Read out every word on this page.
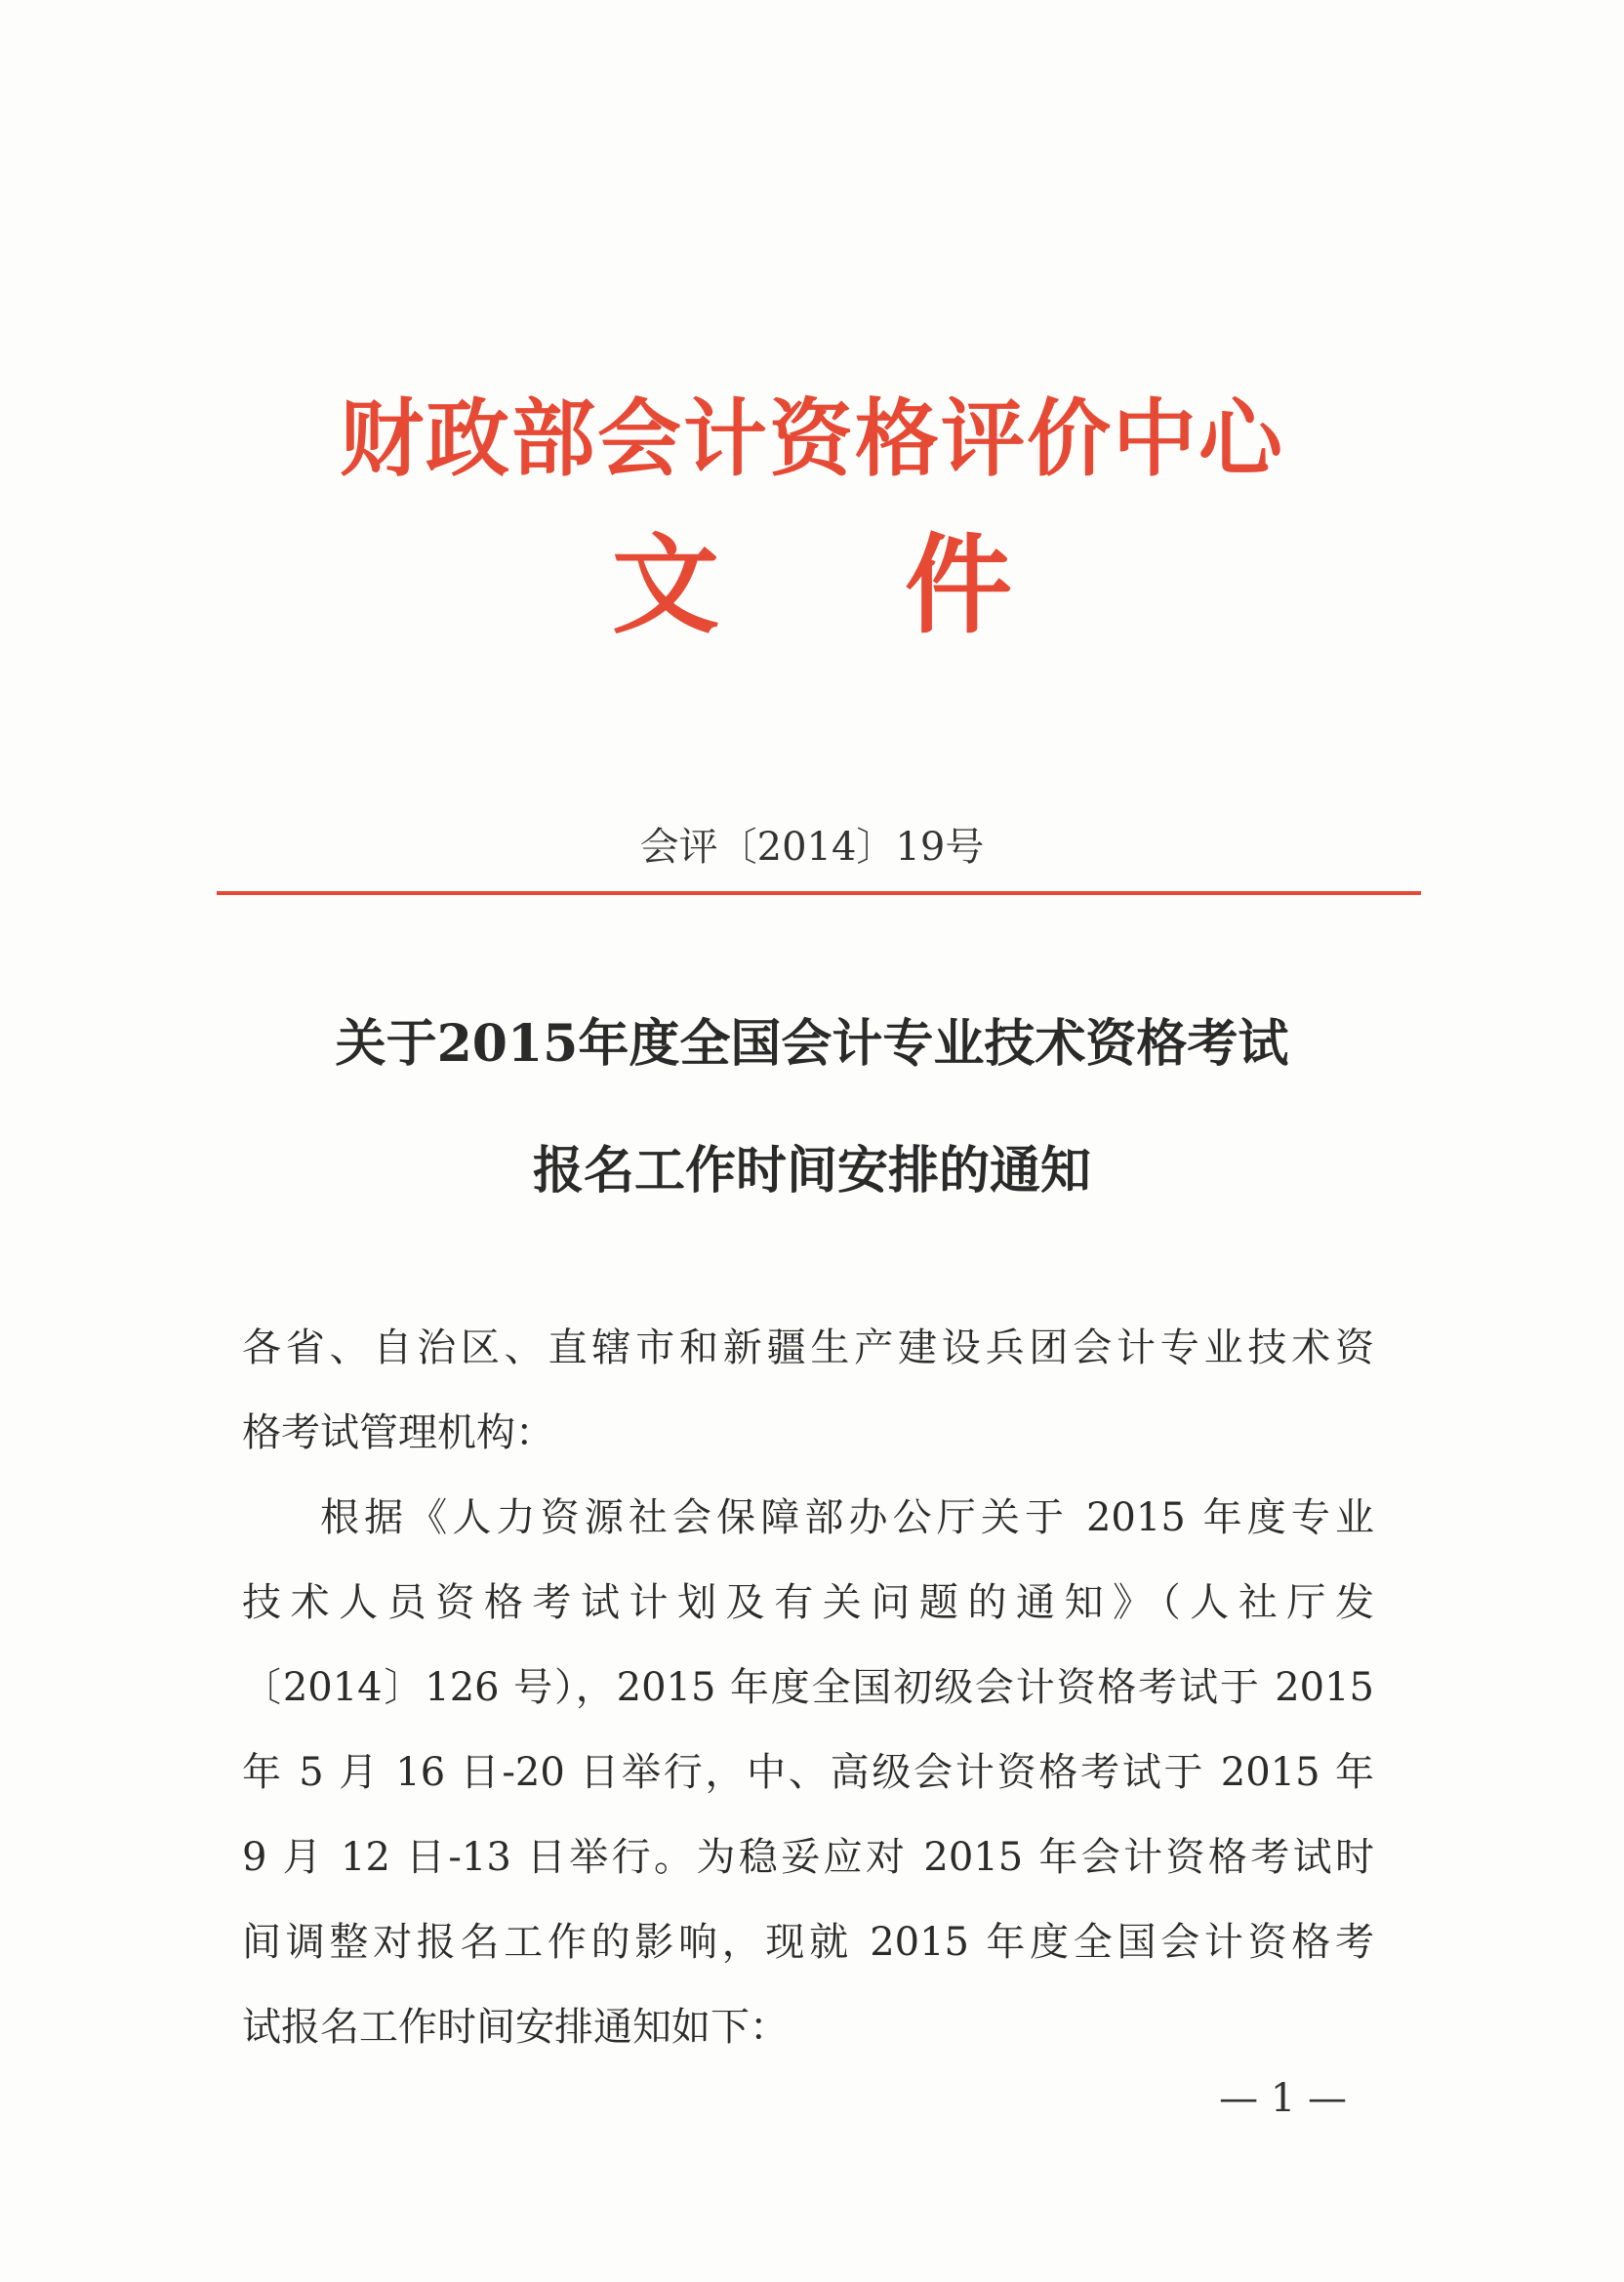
财政部会计资格评价中心
文 件
会评〔2014〕19号
关于2015年度全国会计专业技术资格考试
报名工作时间安排的通知
各省、自治区、直辖市和新疆生产建设兵团会计专业技术资
格考试管理机构：
根据《人力资源社会保障部办公厅关于 2015 年度专业
技术人员资格考试计划及有关问题的通知》（人社厅发
〔2014〕126 号），2015 年度全国初级会计资格考试于 2015
年 5 月 16 日-20 日举行，中、高级会计资格考试于 2015 年
9 月 12 日-13 日举行。为稳妥应对 2015 年会计资格考试时
间调整对报名工作的影响，现就 2015 年度全国会计资格考
试报名工作时间安排通知如下：
— 1 —
